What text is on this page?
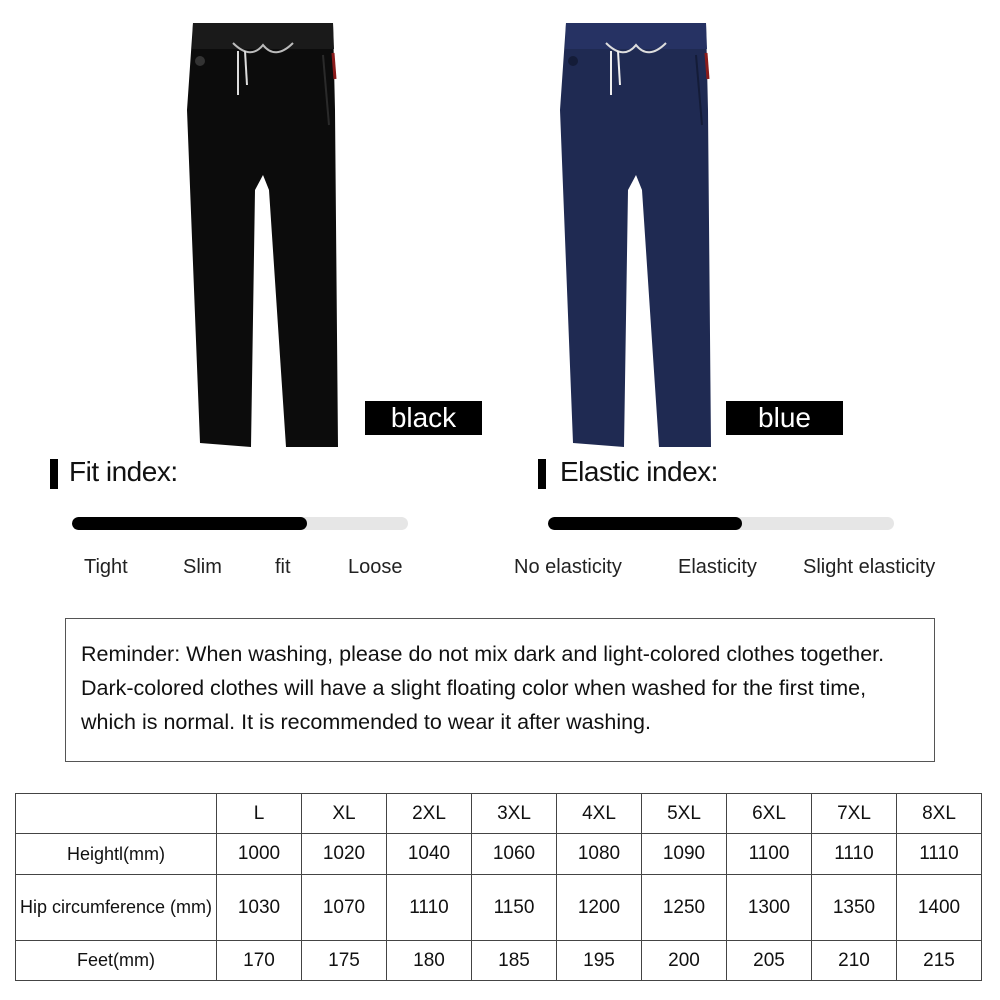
black	blue
Fit index:
Tight	Slim	fit	Loose
Elastic index:
No elasticity	Elasticity Slight elasticity
Reminder: When washing, please do not mix dark and light-colored clothes together.
Dark-colored clothes will have a slight floating color when washed for the first time,
which is normal. It is recommended to wear it after washing.
	L	XL	2XL	3XL	4XL	5XL	6XL	7XL	8XL
Heightl(mm)	1000	1020	1040	1060	1080	1090	1100	1110	1110
Hip circumference (mm)	1030	1070	1110	1150	1200	1250	1300	1350	1400
Feet(mm)	170	175	180	185	195	200	205	210	215
